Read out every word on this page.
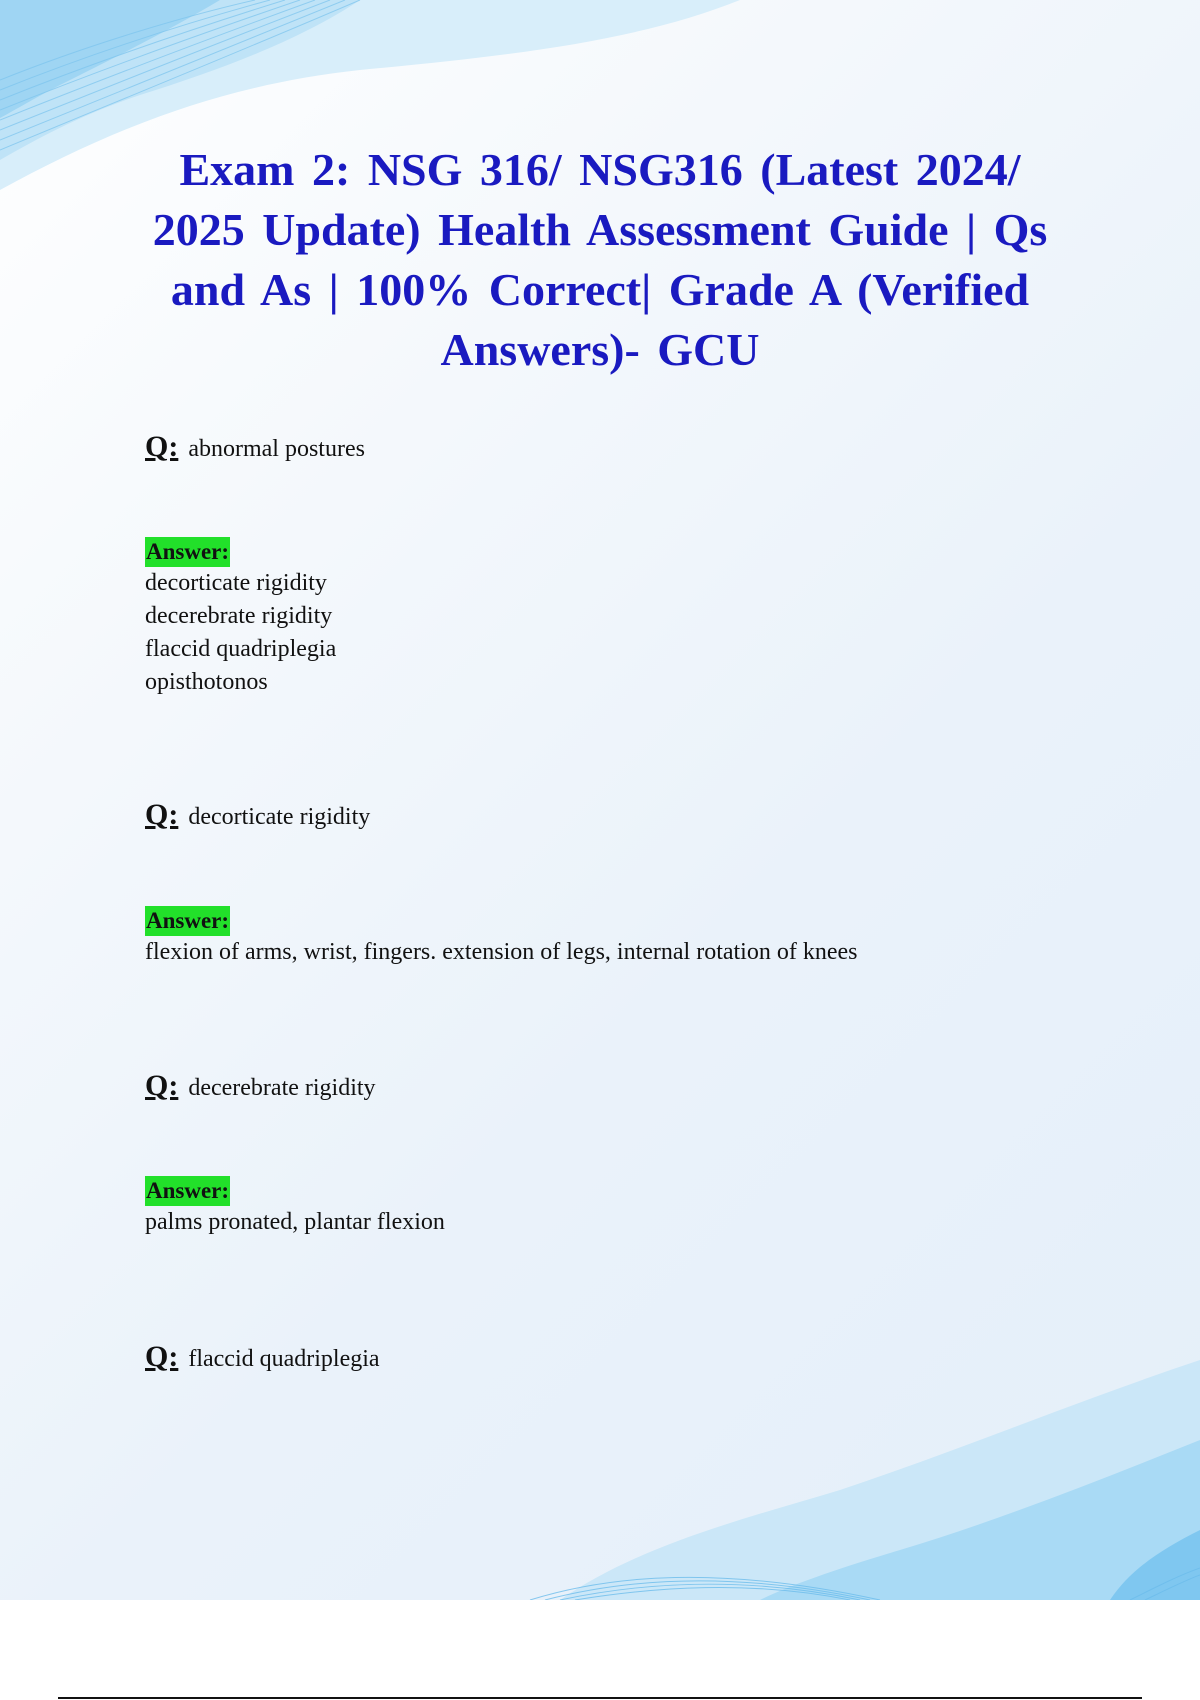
Exam 2: NSG 316/ NSG316 (Latest 2024/ 2025 Update) Health Assessment Guide | Qs and As | 100% Correct| Grade A (Verified Answers)- GCU
Q: abnormal postures
Answer:
decorticate rigidity
decerebrate rigidity
flaccid quadriplegia
opisthotonos
Q: decorticate rigidity
Answer:
flexion of arms, wrist, fingers. extension of legs, internal rotation of knees
Q: decerebrate rigidity
Answer:
palms pronated, plantar flexion
Q: flaccid quadriplegia
